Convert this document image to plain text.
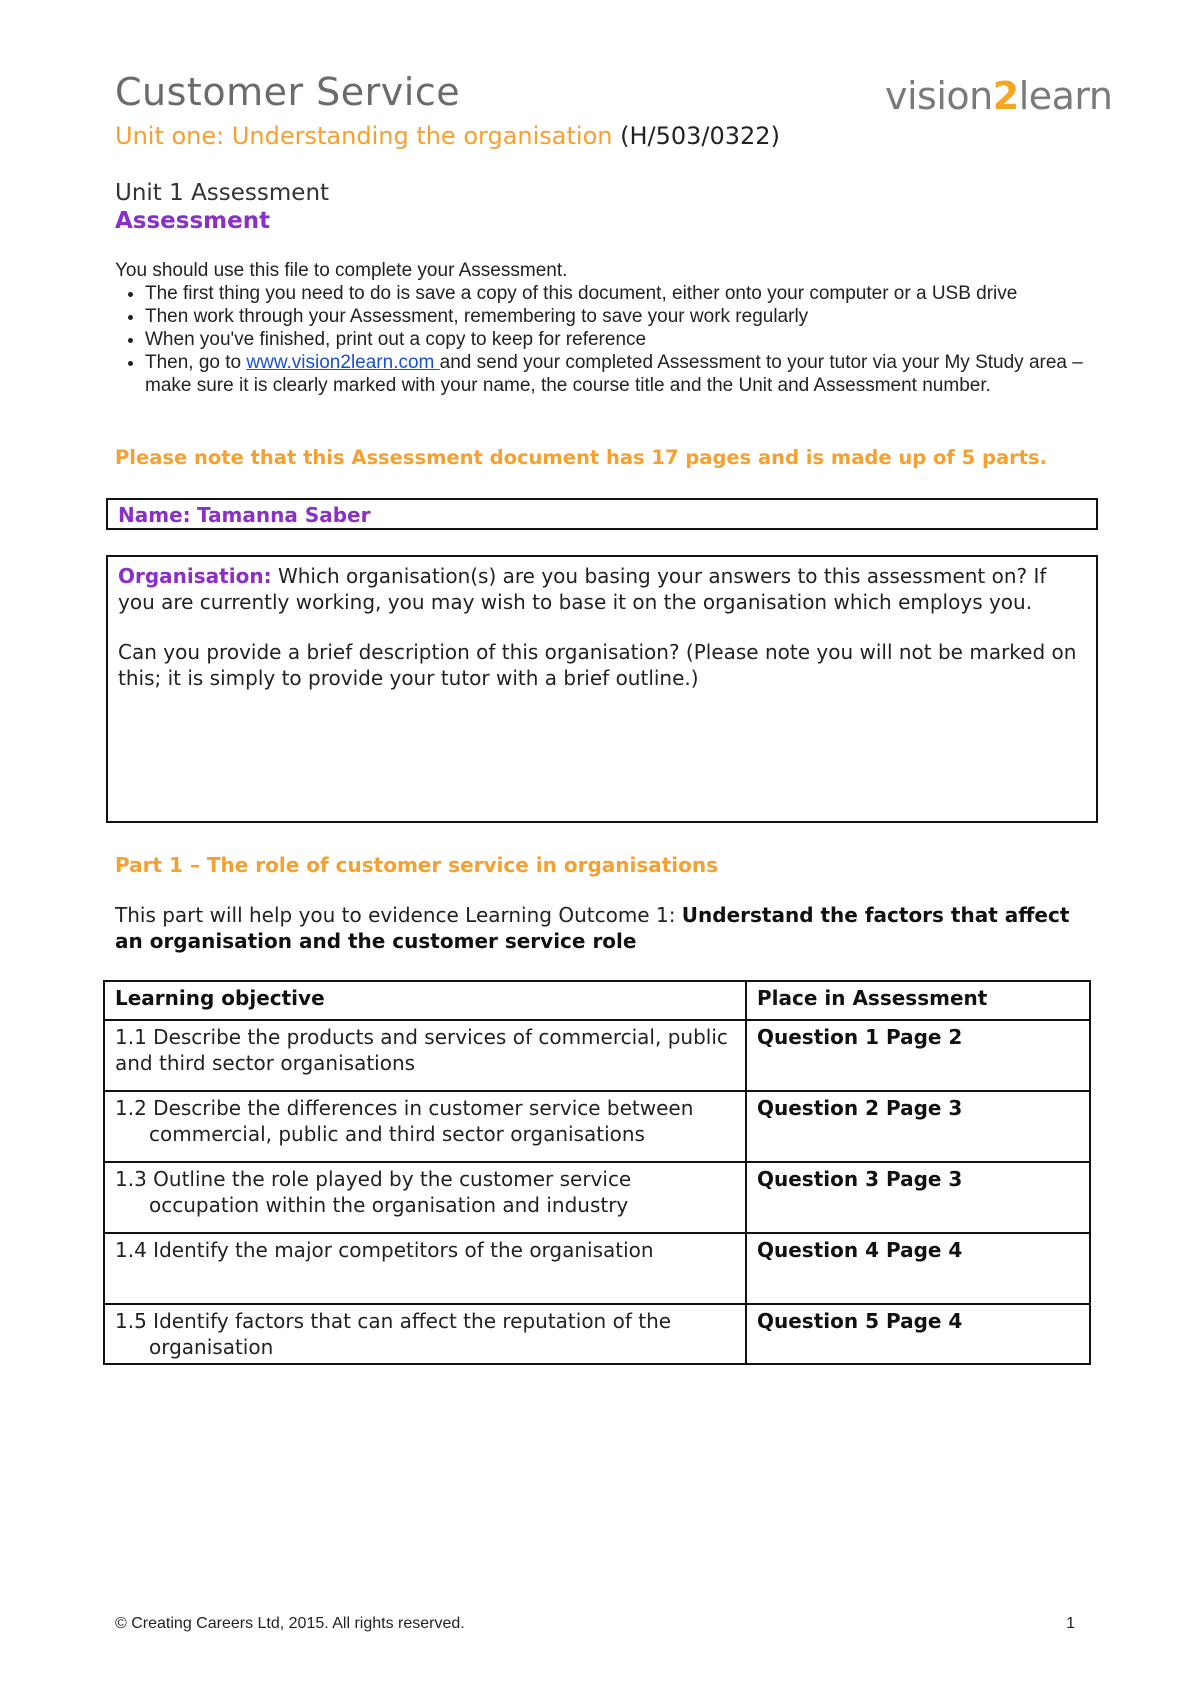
Customer Service	vision2learn
Unit one: Understanding the organisation (H/503/0322)
Unit 1 Assessment
Assessment
You should use this file to complete your Assessment.
• The first thing you need to do is save a copy of this document, either onto your computer or a USB drive
• Then work through your Assessment, remembering to save your work regularly
• When you've finished, print out a copy to keep for reference
• Then, go to www.vision2learn.com and send your completed Assessment to your tutor via your My Study area – make sure it is clearly marked with your name, the course title and the Unit and Assessment number.
Please note that this Assessment document has 17 pages and is made up of 5 parts.
Name: Tamanna Saber

Organisation: Which organisation(s) are you basing your answers to this assessment on? If you are currently working, you may wish to base it on the organisation which employs you.

Can you provide a brief description of this organisation? (Please note you will not be marked on this; it is simply to provide your tutor with a brief outline.)

Part 1 – The role of customer service in organisations
This part will help you to evidence Learning Outcome 1: Understand the factors that affect an organisation and the customer service role
Learning objective	Place in Assessment
1.1 Describe the products and services of commercial, public and third sector organisations	Question 1 Page 2

1.2 Describe the differences in customer service between commercial, public and third sector organisations	Question 2 Page 3

1.3 Outline the role played by the customer service occupation within the organisation and industry	Question 3 Page 3

1.4 Identify the major competitors of the organisation	Question 4 Page 4

1.5 Identify factors that can affect the reputation of the organisation	Question 5 Page 4
© Creating Careers Ltd, 2015. All rights reserved.	1
